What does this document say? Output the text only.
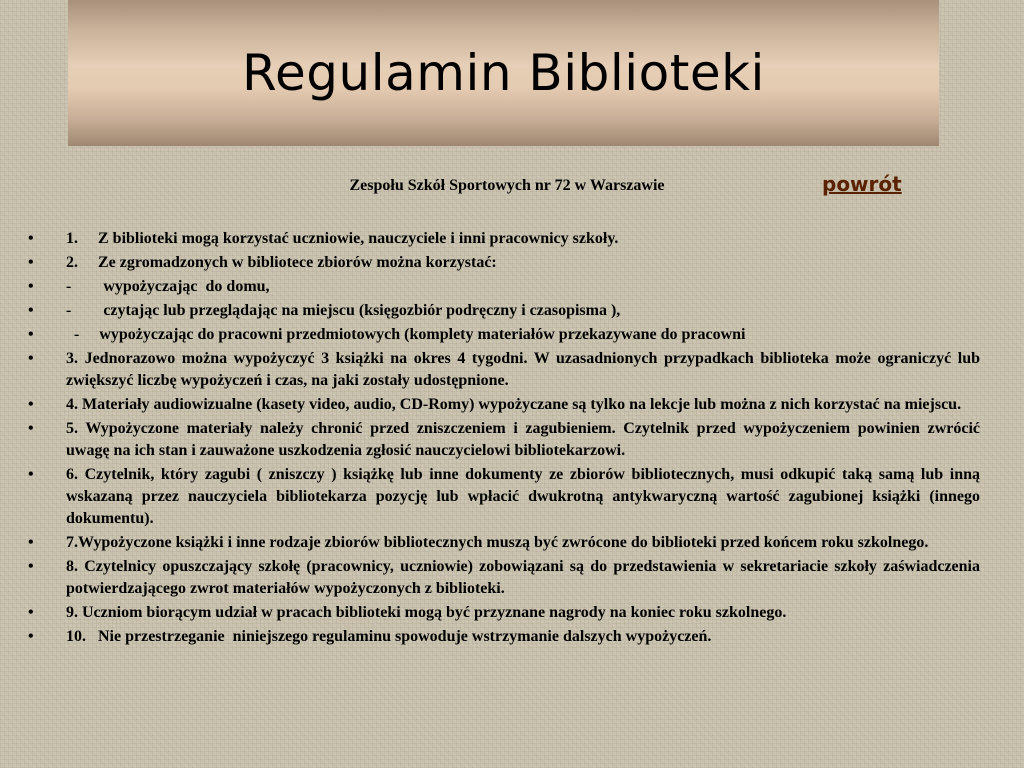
Regulamin Biblioteki
Zespołu Szkół Sportowych nr 72 w Warszawie	powrót
• 1.     Z biblioteki mogą korzystać uczniowie, nauczyciele i inni pracownicy szkoły.
• 2.     Ze zgromadzonych w bibliotece zbiorów można korzystać:
• -        wypożyczając  do domu,
• -        czytając lub przeglądając na miejscu (księgozbiór podręczny i czasopisma ),
• -     wypożyczając do pracowni przedmiotowych (komplety materiałów przekazywane do pracowni
• 3. Jednorazowo można wypożyczyć 3 książki na okres 4 tygodni. W uzasadnionych przypadkach biblioteka może ograniczyć lub zwiększyć liczbę wypożyczeń i czas, na jaki zostały udostępnione.
• 4. Materiały audiowizualne (kasety video, audio, CD-Romy) wypożyczane są tylko na lekcje lub można z nich korzystać na miejscu.
• 5. Wypożyczone materiały należy chronić przed zniszczeniem i zagubieniem. Czytelnik przed wypożyczeniem powinien zwrócić uwagę na ich stan i zauważone uszkodzenia zgłosić nauczycielowi bibliotekarzowi.
• 6. Czytelnik, który zagubi ( zniszczy ) książkę lub inne dokumenty ze zbiorów bibliotecznych, musi odkupić taką samą lub inną wskazaną przez nauczyciela bibliotekarza pozycję lub wpłacić dwukrotną antykwaryczną wartość zagubionej książki (innego dokumentu).
• 7.Wypożyczone książki i inne rodzaje zbiorów bibliotecznych muszą być zwrócone do biblioteki przed końcem roku szkolnego.
• 8. Czytelnicy opuszczający szkołę (pracownicy, uczniowie) zobowiązani są do przedstawienia w sekretariacie szkoły zaświadczenia potwierdzającego zwrot materiałów wypożyczonych z biblioteki.
• 9. Uczniom biorącym udział w pracach biblioteki mogą być przyznane nagrody na koniec roku szkolnego.
• 10.   Nie przestrzeganie  niniejszego regulaminu spowoduje wstrzymanie dalszych wypożyczeń.
